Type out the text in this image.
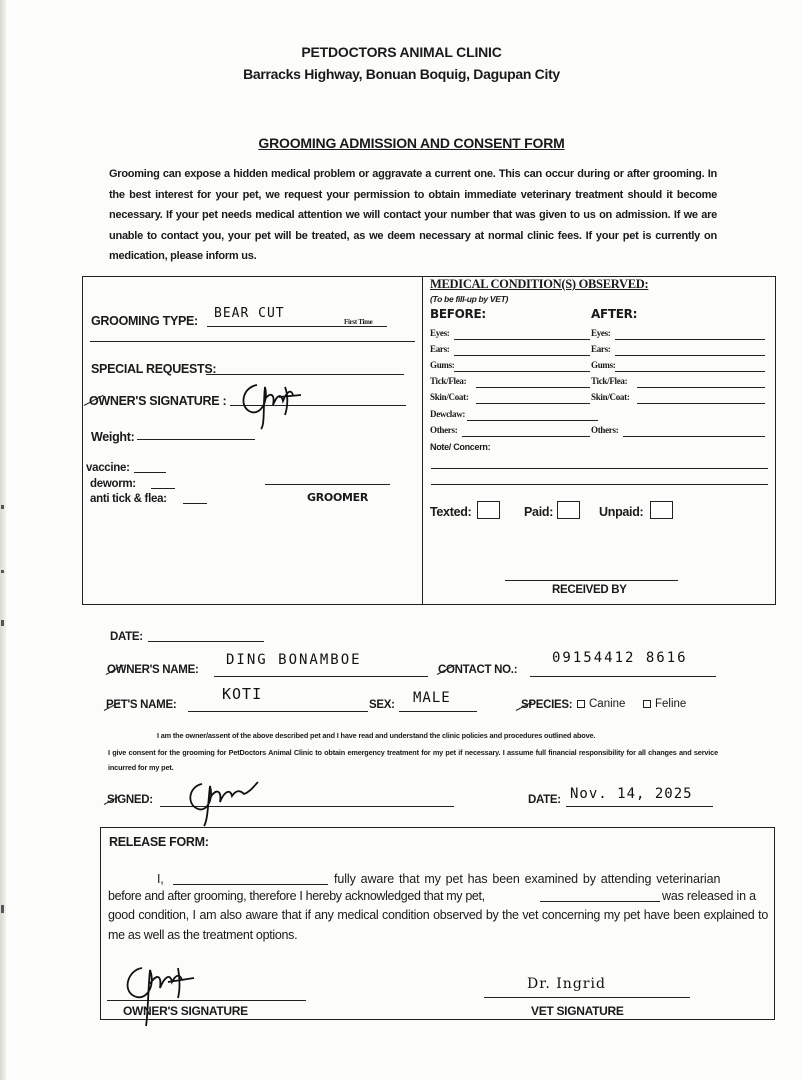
PETDOCTORS ANIMAL CLINIC
Barracks Highway, Bonuan Boquig, Dagupan City
GROOMING ADMISSION AND CONSENT FORM
Grooming can expose a hidden medical problem or aggravate a current one. This can occur during or after grooming. In the best interest for your pet, we request your permission to obtain immediate veterinary treatment should it become necessary. If your pet needs medical attention we will contact your number that was given to us on admission. If we are unable to contact you, your pet will be treated, as we deem necessary at normal clinic fees. If your pet is currently on medication, please inform us.
GROOMING TYPE: BEAR CUT
First Time
SPECIAL REQUESTS:
OWNER'S SIGNATURE :
Weight:
vaccine:
deworm:
anti tick & flea:	GROOMER
MEDICAL CONDITION(S) OBSERVED:
(To be fill-up by VET)
BEFORE:	AFTER:
Eyes:	Eyes:
Ears:	Ears:
Gums:	Gums:
Tick/Flea:	Tick/Flea:
Skin/Coat:	Skin/Coat:
Dewclaw:
Others:	Others:
Note/ Concern:
Texted:	Paid:	Unpaid:
RECEIVED BY
DATE:
OWNER'S NAME:
DING BONAMBOE
CONTACT NO.:
09154412 8616
PET'S NAME:
KOTI
SEX: MALE	SPECIES:	Canine	Feline
I am the owner/assent of the above described pet and I have read and understand the clinic policies and procedures outlined above.
I give consent for the grooming for PetDoctors Animal Clinic to obtain emergency treatment for my pet if necessary. I assume full financial responsibility for all changes and service incurred for my pet.
SIGNED:	DATE: Nov. 14, 2025
RELEASE FORM:
I,	fully aware that my pet has been examined by attending veterinarian
before and after grooming, therefore I hereby acknowledged that my pet,	was released in a
good condition, I am also aware that if any medical condition observed by the vet concerning my pet have been explained to me as well as the treatment options.
OWNER'S SIGNATURE
Dr. Ingrid
VET SIGNATURE
